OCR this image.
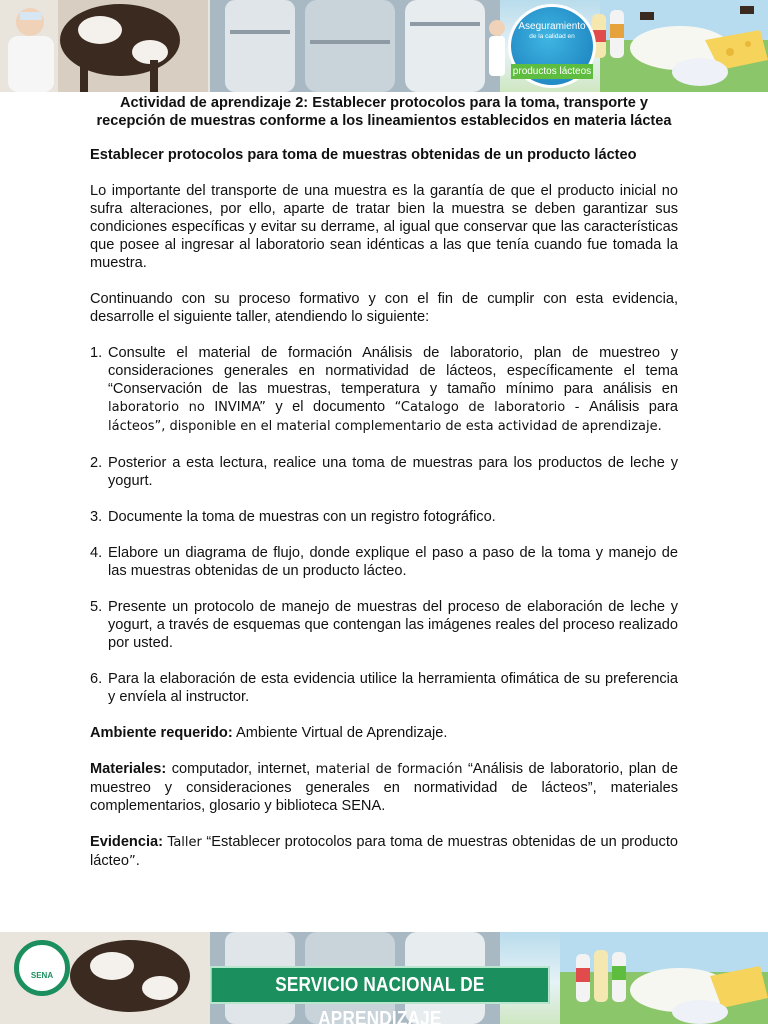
Aseguramiento
de la calidad en
productos lácteos

Actividad de aprendizaje 2: Establecer protocolos para la toma, transporte y recepción de muestras conforme a los lineamientos establecidos en materia láctea

Establecer protocolos para toma de muestras obtenidas de un producto lácteo

Lo importante del transporte de una muestra es la garantía de que el producto inicial no sufra alteraciones, por ello, aparte de tratar bien la muestra se deben garantizar sus condiciones específicas y evitar su derrame, al igual que conservar que las características que posee al ingresar al laboratorio sean idénticas a las que tenía cuando fue tomada la muestra.

Continuando con su proceso formativo y con el fin de cumplir con esta evidencia, desarrolle el siguiente taller, atendiendo lo siguiente:

1. Consulte el material de formación Análisis de laboratorio, plan de muestreo y consideraciones generales en normatividad de lácteos, específicamente el tema “Conservación de las muestras, temperatura y tamaño mínimo para análisis en laboratorio no INVIMA” y el documento “Catalogo de laboratorio - Análisis para lácteos”, disponible en el material complementario de esta actividad de aprendizaje.
2. Posterior a esta lectura, realice una toma de muestras para los productos de leche y yogurt.
3. Documente la toma de muestras con un registro fotográfico.
4. Elabore un diagrama de flujo, donde explique el paso a paso de la toma y manejo de las muestras obtenidas de un producto lácteo.
5. Presente un protocolo de manejo de muestras del proceso de elaboración de leche y yogurt, a través de esquemas que contengan las imágenes reales del proceso realizado por usted.
6. Para la elaboración de esta evidencia utilice la herramienta ofimática de su preferencia y envíela al instructor.

Ambiente requerido: Ambiente Virtual de Aprendizaje.

Materiales: computador, internet, material de formación “Análisis de laboratorio, plan de muestreo y consideraciones generales en normatividad de lácteos”, materiales complementarios, glosario y biblioteca SENA.

Evidencia: Taller “Establecer protocolos para toma de muestras obtenidas de un producto lácteo”.

SENA	SERVICIO NACIONAL DE APRENDIZAJE
